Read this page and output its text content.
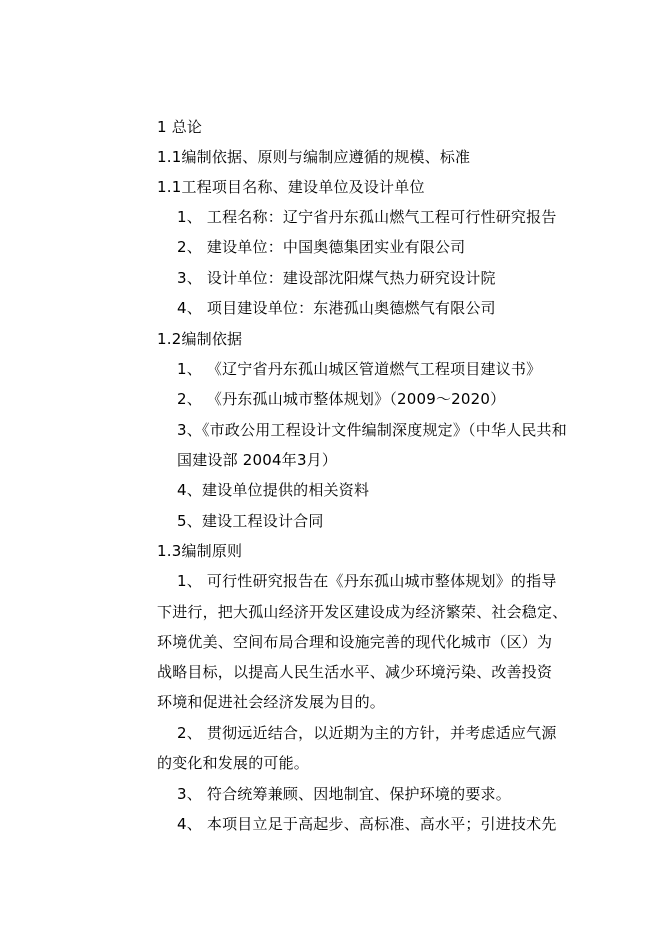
1 总论
1.1编制依据、原则与编制应遵循的规模、标准
1.1工程项目名称、建设单位及设计单位
1、 工程名称：辽宁省丹东孤山燃气工程可行性研究报告
2、 建设单位：中国奥德集团实业有限公司
3、 设计单位：建设部沈阳煤气热力研究设计院
4、 项目建设单位：东港孤山奥德燃气有限公司
1.2编制依据
1、 《辽宁省丹东孤山城区管道燃气工程项目建议书》
2、 《丹东孤山城市整体规划》（2009～2020）
3、《市政公用工程设计文件编制深度规定》（中华人民共和
国建设部 2004年3月）
4、建设单位提供的相关资料
5、建设工程设计合同
1.3编制原则
1、 可行性研究报告在《丹东孤山城市整体规划》的指导
下进行，把大孤山经济开发区建设成为经济繁荣、社会稳定、
环境优美、空间布局合理和设施完善的现代化城市（区）为
战略目标，以提高人民生活水平、减少环境污染、改善投资
环境和促进社会经济发展为目的。
2、 贯彻远近结合，以近期为主的方针，并考虑适应气源
的变化和发展的可能。
3、 符合统筹兼顾、因地制宜、保护环境的要求。
4、 本项目立足于高起步、高标准、高水平；引进技术先
